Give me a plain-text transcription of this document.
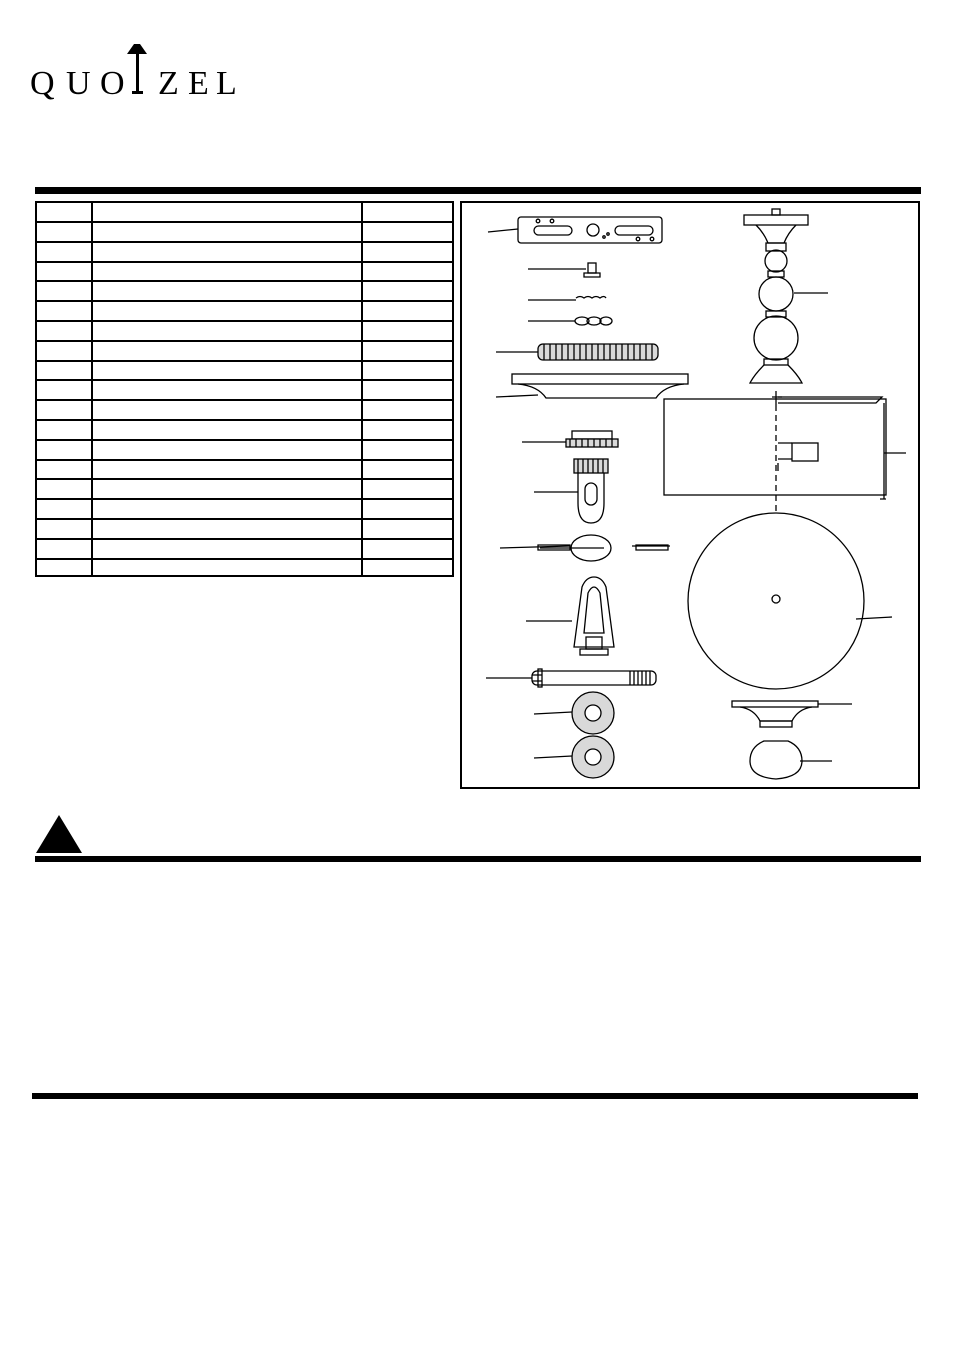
Q U O Z E L
